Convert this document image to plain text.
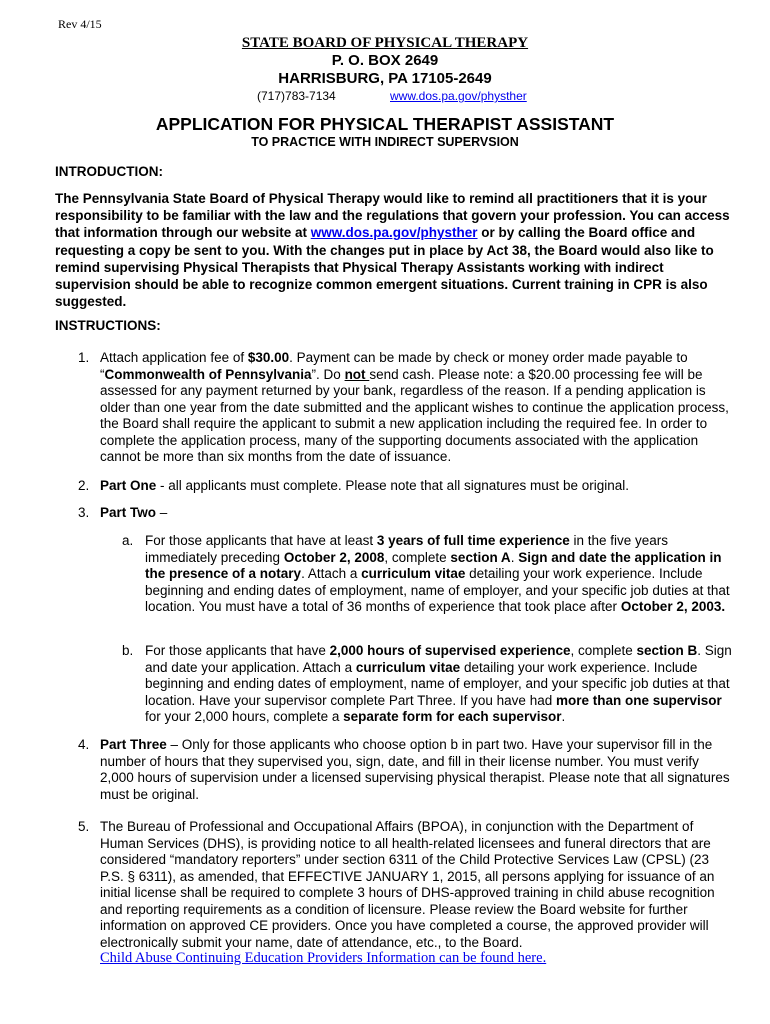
Rev 4/15
STATE BOARD OF PHYSICAL THERAPY
P. O. BOX 2649
HARRISBURG, PA 17105-2649
(717)783-7134	www.dos.pa.gov/physther
APPLICATION FOR PHYSICAL THERAPIST ASSISTANT
TO PRACTICE WITH INDIRECT SUPERVSION
INTRODUCTION:
The Pennsylvania State Board of Physical Therapy would like to remind all practitioners that it is your responsibility to be familiar with the law and the regulations that govern your profession. You can access that information through our website at www.dos.pa.gov/physther or by calling the Board office and requesting a copy be sent to you. With the changes put in place by Act 38, the Board would also like to remind supervising Physical Therapists that Physical Therapy Assistants working with indirect supervision should be able to recognize common emergent situations. Current training in CPR is also suggested.
INSTRUCTIONS:
1. Attach application fee of $30.00. Payment can be made by check or money order made payable to “Commonwealth of Pennsylvania”. Do not send cash. Please note: a $20.00 processing fee will be assessed for any payment returned by your bank, regardless of the reason. If a pending application is older than one year from the date submitted and the applicant wishes to continue the application process, the Board shall require the applicant to submit a new application including the required fee. In order to complete the application process, many of the supporting documents associated with the application cannot be more than six months from the date of issuance.
2. Part One - all applicants must complete. Please note that all signatures must be original.
3. Part Two –
a. For those applicants that have at least 3 years of full time experience in the five years immediately preceding October 2, 2008, complete section A. Sign and date the application in the presence of a notary. Attach a curriculum vitae detailing your work experience. Include beginning and ending dates of employment, name of employer, and your specific job duties at that location. You must have a total of 36 months of experience that took place after October 2, 2003.
b. For those applicants that have 2,000 hours of supervised experience, complete section B. Sign and date your application. Attach a curriculum vitae detailing your work experience. Include beginning and ending dates of employment, name of employer, and your specific job duties at that location. Have your supervisor complete Part Three. If you have had more than one supervisor for your 2,000 hours, complete a separate form for each supervisor.
4. Part Three – Only for those applicants who choose option b in part two. Have your supervisor fill in the number of hours that they supervised you, sign, date, and fill in their license number. You must verify 2,000 hours of supervision under a licensed supervising physical therapist. Please note that all signatures must be original.
5. The Bureau of Professional and Occupational Affairs (BPOA), in conjunction with the Department of Human Services (DHS), is providing notice to all health-related licensees and funeral directors that are considered “mandatory reporters” under section 6311 of the Child Protective Services Law (CPSL) (23 P.S. § 6311), as amended, that EFFECTIVE JANUARY 1, 2015, all persons applying for issuance of an initial license shall be required to complete 3 hours of DHS-approved training in child abuse recognition and reporting requirements as a condition of licensure. Please review the Board website for further information on approved CE providers. Once you have completed a course, the approved provider will electronically submit your name, date of attendance, etc., to the Board.
Child Abuse Continuing Education Providers Information can be found here.
